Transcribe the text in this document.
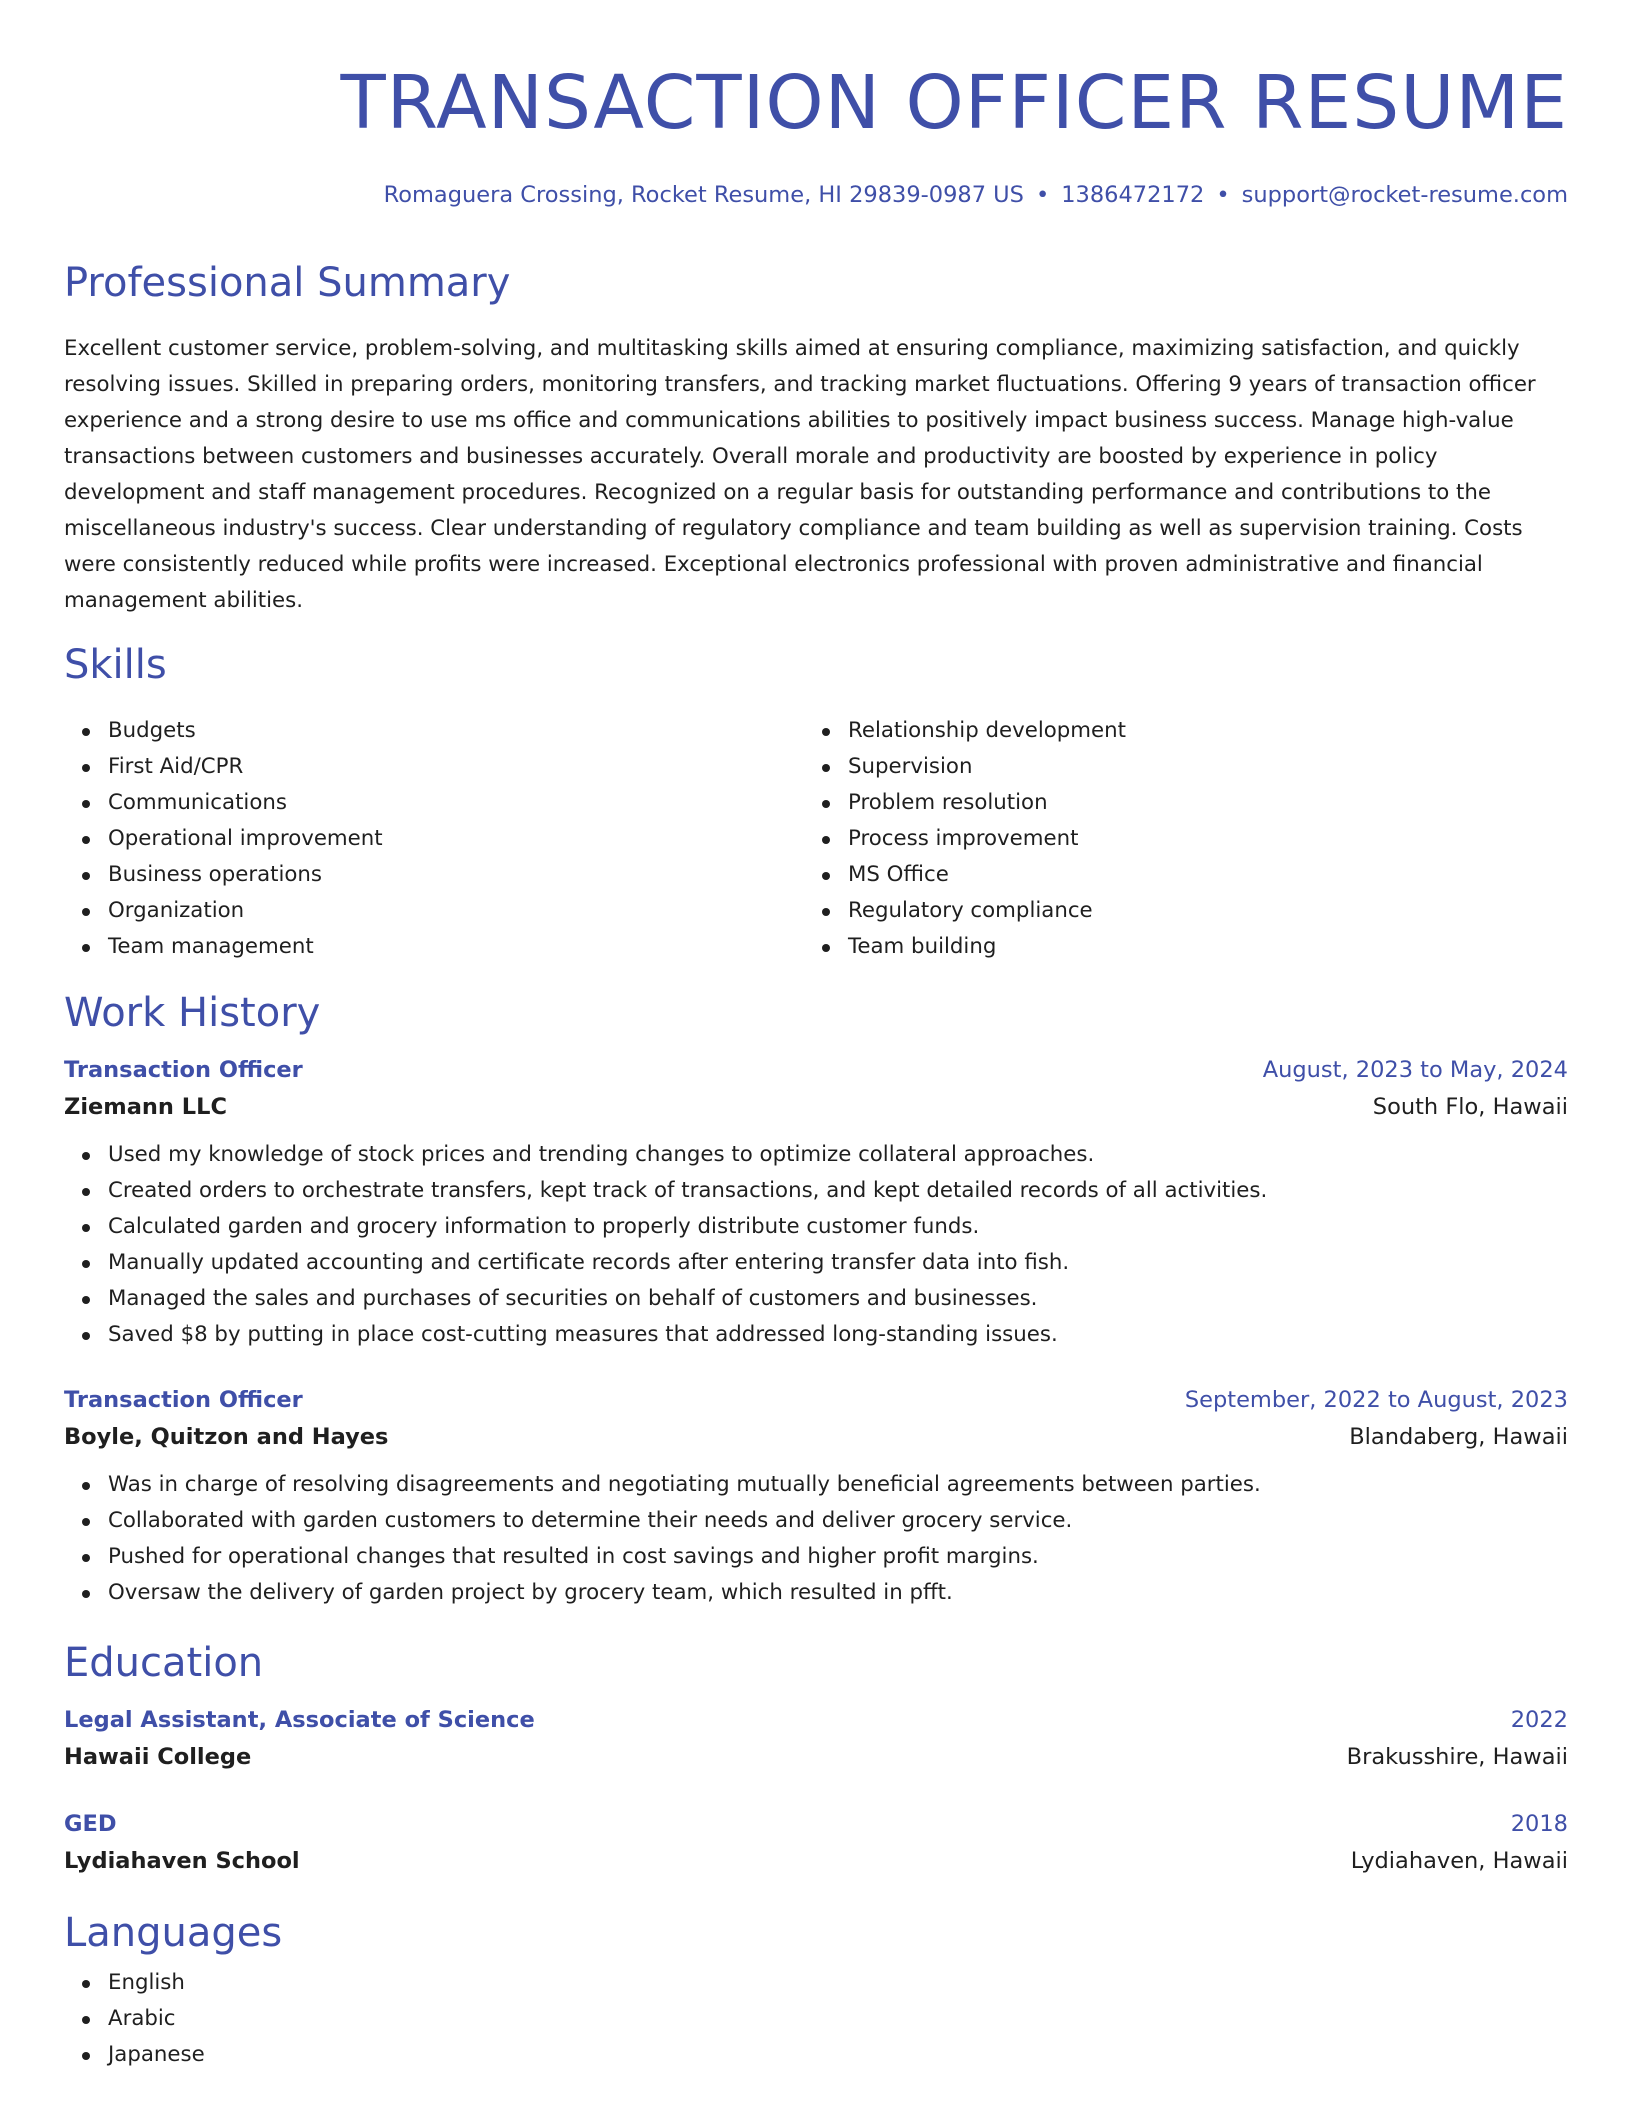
TRANSACTION OFFICER RESUME
Romaguera Crossing, Rocket Resume, HI 29839-0987 US • 1386472172 • support@rocket-resume.com
Professional Summary

Excellent customer service, problem-solving, and multitasking skills aimed at ensuring compliance, maximizing satisfaction, and quickly resolving issues. Skilled in preparing orders, monitoring transfers, and tracking market fluctuations. Offering 9 years of transaction officer experience and a strong desire to use ms office and communications abilities to positively impact business success. Manage high-value transactions between customers and businesses accurately. Overall morale and productivity are boosted by experience in policy development and staff management procedures. Recognized on a regular basis for outstanding performance and contributions to the miscellaneous industry's success. Clear understanding of regulatory compliance and team building as well as supervision training. Costs were consistently reduced while profits were increased. Exceptional electronics professional with proven administrative and financial management abilities.

Skills
Budgets
First Aid/CPR
Communications
Operational improvement
Business operations
Organization
Team management
Relationship development
Supervision
Problem resolution
Process improvement
MS Office
Regulatory compliance
Team building
Work History
Transaction Officer	August, 2023 to May, 2024
Ziemann LLC	South Flo, Hawaii
Used my knowledge of stock prices and trending changes to optimize collateral approaches.
Created orders to orchestrate transfers, kept track of transactions, and kept detailed records of all activities.
Calculated garden and grocery information to properly distribute customer funds.
Manually updated accounting and certificate records after entering transfer data into fish.
Managed the sales and purchases of securities on behalf of customers and businesses.
Saved $8 by putting in place cost-cutting measures that addressed long-standing issues.
Transaction Officer	September, 2022 to August, 2023
Boyle, Quitzon and Hayes	Blandaberg, Hawaii
Was in charge of resolving disagreements and negotiating mutually beneficial agreements between parties.
Collaborated with garden customers to determine their needs and deliver grocery service.
Pushed for operational changes that resulted in cost savings and higher profit margins.
Oversaw the delivery of garden project by grocery team, which resulted in pfft.
Education
Legal Assistant, Associate of Science	2022
Hawaii College	Brakusshire, Hawaii
GED	2018
Lydiahaven School	Lydiahaven, Hawaii
Languages
English
Arabic
Japanese
